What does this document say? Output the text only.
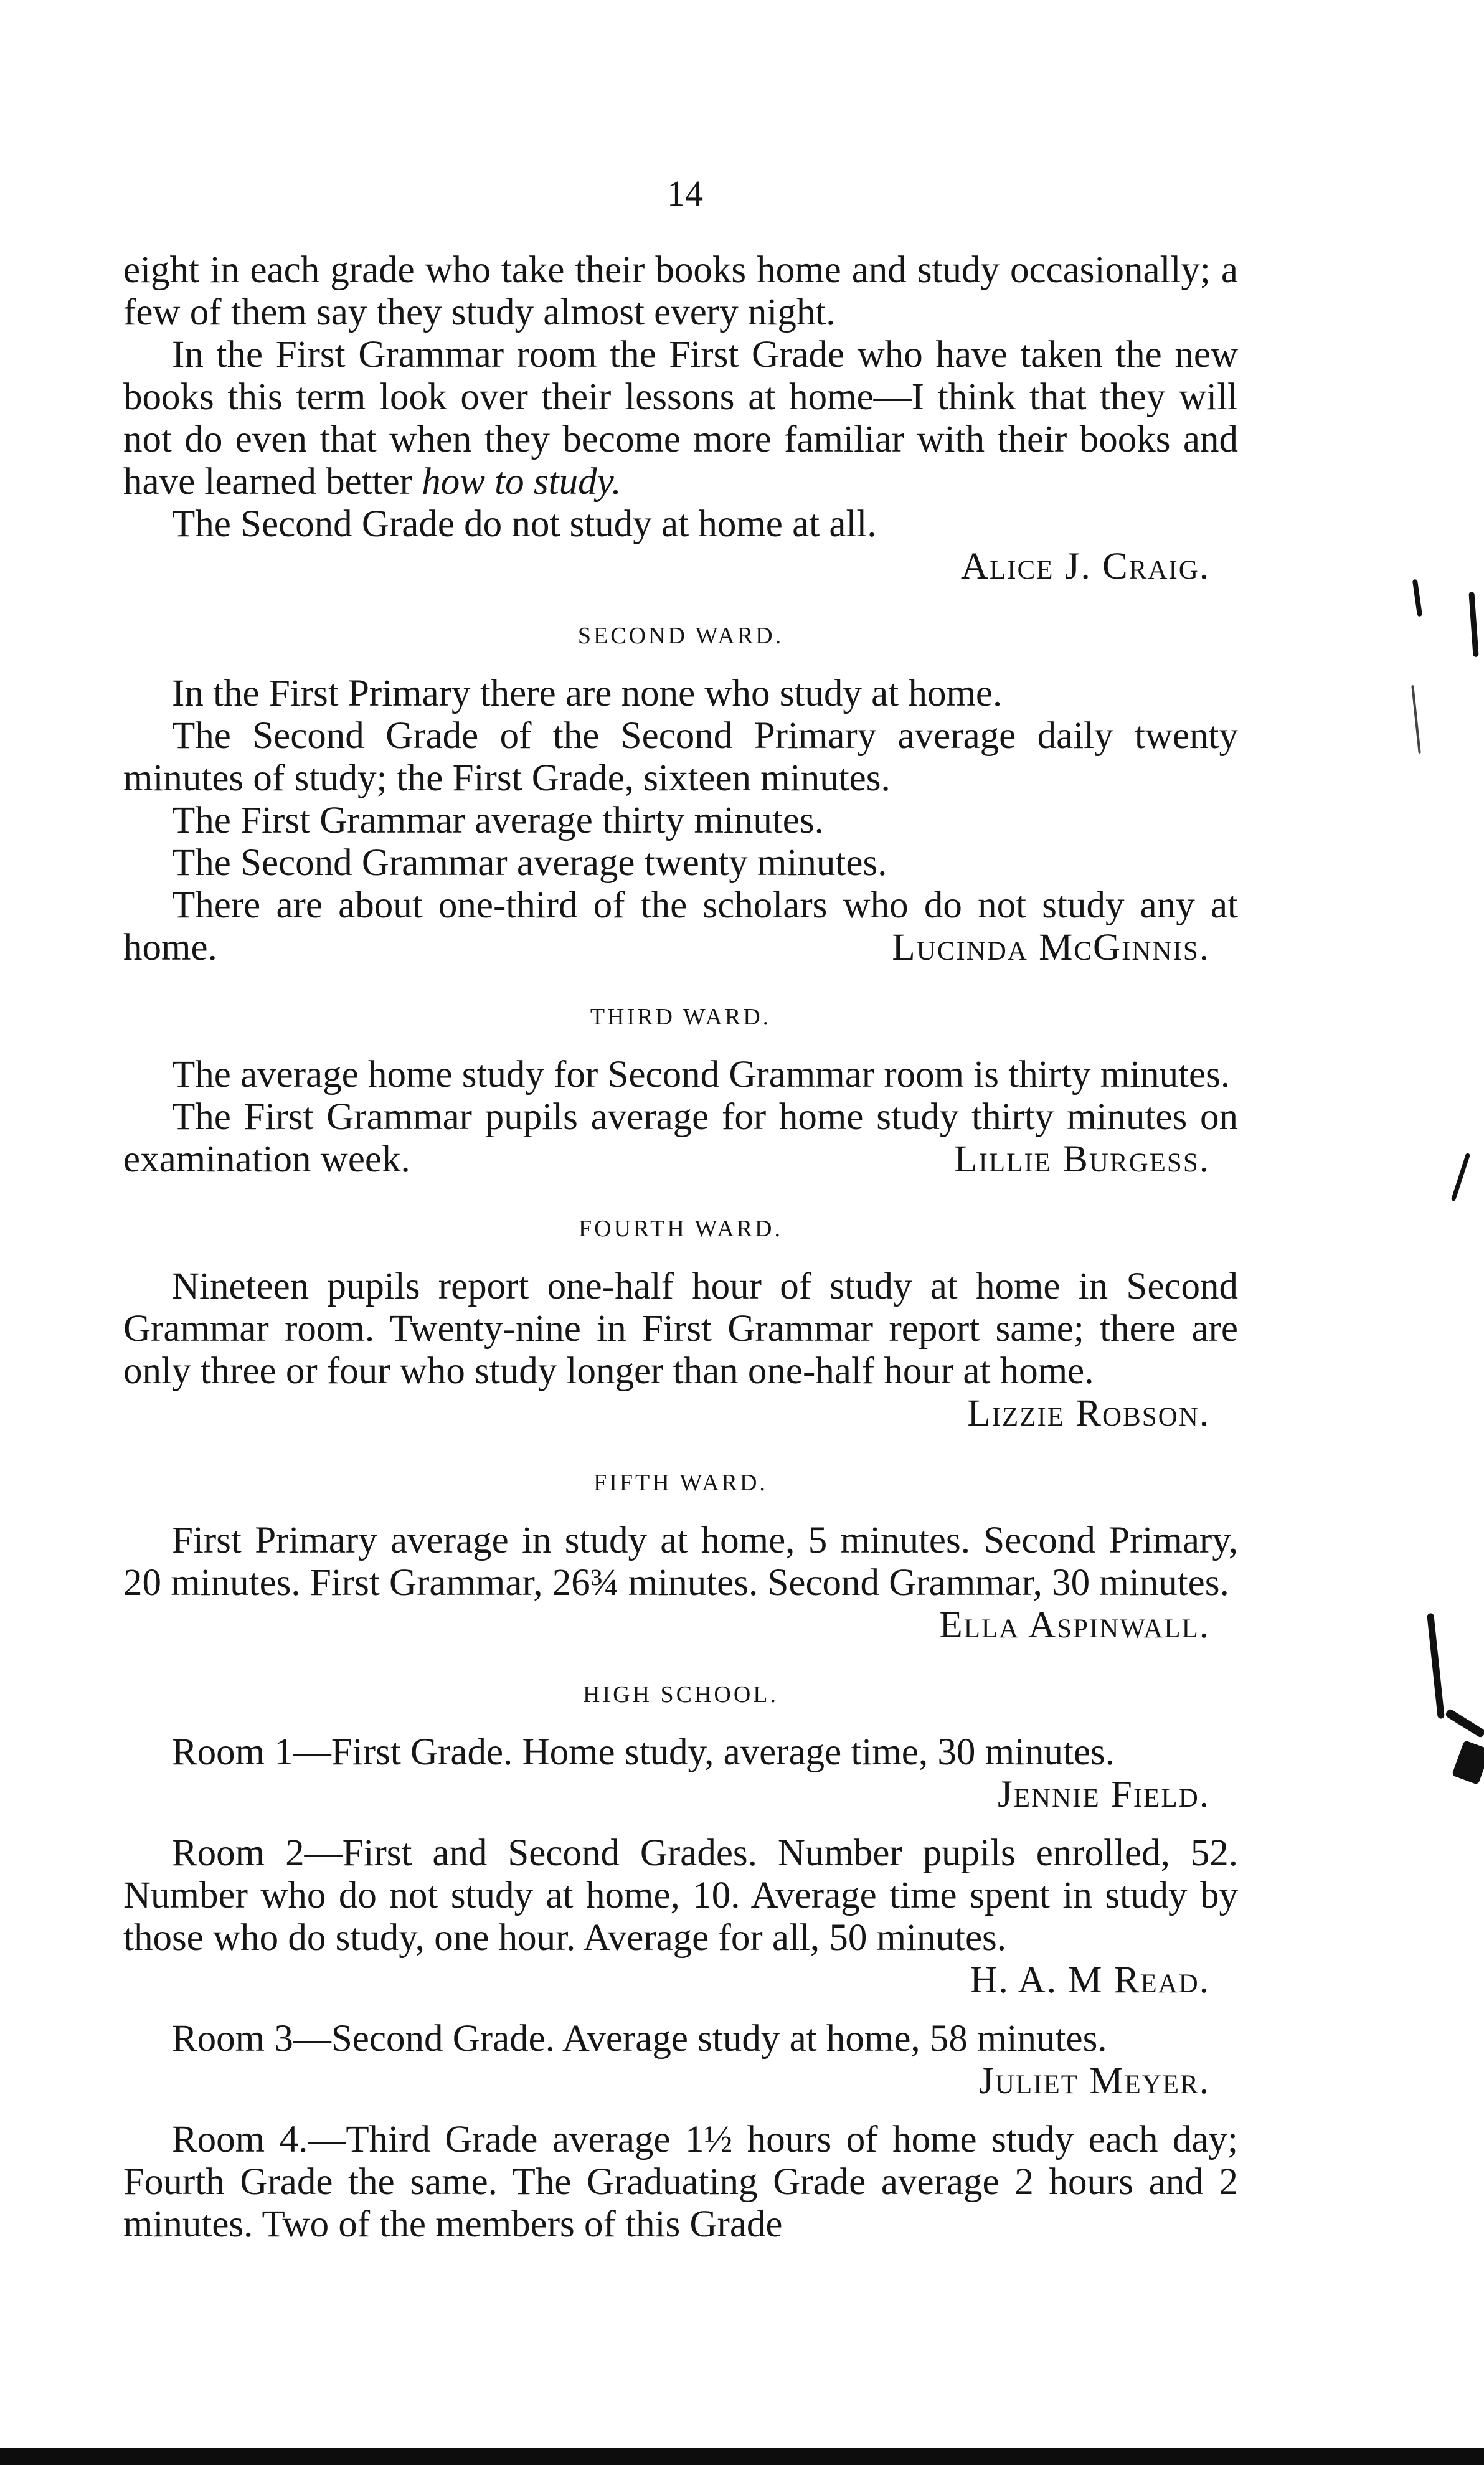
14

eight in each grade who take their books home and study occasionally; a few of them say they study almost every night.

In the First Grammar room the First Grade who have taken the new books this term look over their lessons at home—I think that they will not do even that when they become more familiar with their books and have learned better how to study.

The Second Grade do not study at home at all.

Alice J. Craig.

SECOND WARD.

In the First Primary there are none who study at home.

The Second Grade of the Second Primary average daily twenty minutes of study; the First Grade, sixteen minutes.

The First Grammar average thirty minutes.

The Second Grammar average twenty minutes.

There are about one-third of the scholars who do not study any at home.	Lucinda McGinnis.

THIRD WARD.

The average home study for Second Grammar room is thirty minutes.

The First Grammar pupils average for home study thirty minutes on examination week.	Lillie Burgess.

FOURTH WARD.

Nineteen pupils report one-half hour of study at home in Second Grammar room. Twenty-nine in First Grammar report same; there are only three or four who study longer than one-half hour at home.
Lizzie Robson.

FIFTH WARD.

First Primary average in study at home, 5 minutes. Second Primary, 20 minutes. First Grammar, 26¾ minutes. Second Grammar, 30 minutes.
Ella Aspinwall.

HIGH SCHOOL.

Room 1—First Grade. Home study, average time, 30 minutes.

Jennie Field.

Room 2—First and Second Grades. Number pupils enrolled, 52. Number who do not study at home, 10. Average time spent in study by those who do study, one hour. Average for all, 50 minutes.
H. A. M Read.

Room 3—Second Grade. Average study at home, 58 minutes.

Juliet Meyer.

Room 4.—Third Grade average 1½ hours of home study each day; Fourth Grade the same. The Graduating Grade average 2 hours and 2 minutes. Two of the members of this Grade
